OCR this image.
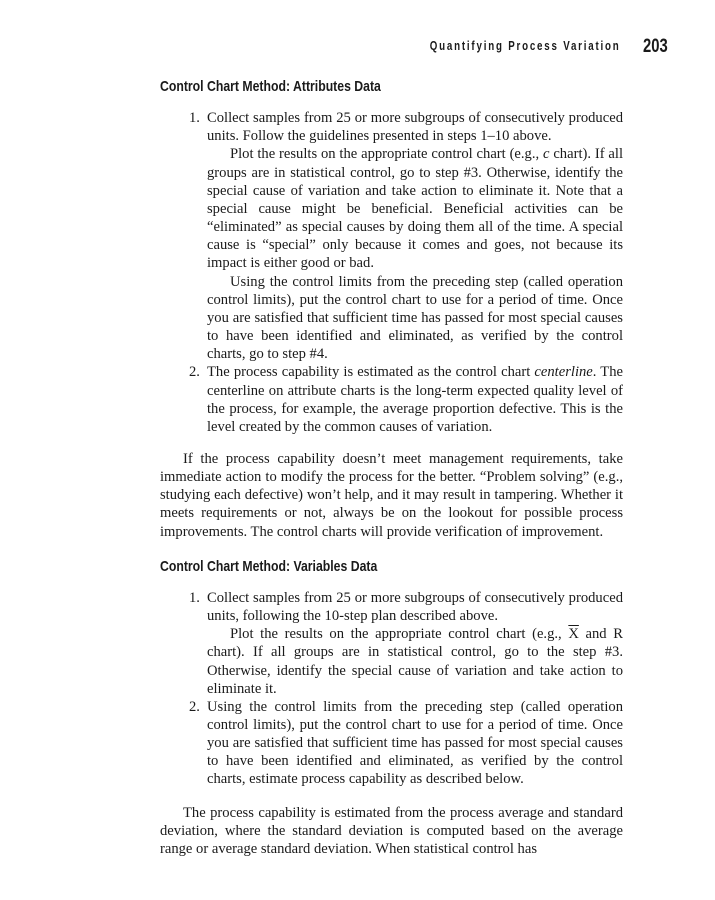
Quantifying Process Variation 203
Control Chart Method: Attributes Data
1. Collect samples from 25 or more subgroups of consecutively produced units. Follow the guidelines presented in steps 1–10 above.

Plot the results on the appropriate control chart (e.g., c chart). If all groups are in statistical control, go to step #3. Otherwise, identify the special cause of variation and take action to eliminate it. Note that a special cause might be beneficial. Beneficial activities can be “eliminated” as special causes by doing them all of the time. A special cause is “special” only because it comes and goes, not because its impact is either good or bad.

Using the control limits from the preceding step (called operation control limits), put the control chart to use for a period of time. Once you are satisfied that sufficient time has passed for most special causes to have been identified and eliminated, as verified by the control charts, go to step #4.

2. The process capability is estimated as the control chart centerline. The centerline on attribute charts is the long-term expected quality level of the process, for example, the average proportion defective. This is the level created by the common causes of variation.

If the process capability doesn’t meet management requirements, take immediate action to modify the process for the better. “Problem solving” (e.g., studying each defective) won’t help, and it may result in tampering. Whether it meets requirements or not, always be on the lookout for possible process improvements. The control charts will provide verification of improvement.

Control Chart Method: Variables Data
1. Collect samples from 25 or more subgroups of consecutively produced units, following the 10-step plan described above.

Plot the results on the appropriate control chart (e.g., $\overline{X}$ and R chart). If all groups are in statistical control, go to the step #3. Otherwise, identify the special cause of variation and take action to eliminate it.

2. Using the control limits from the preceding step (called operation control limits), put the control chart to use for a period of time. Once you are satisfied that sufficient time has passed for most special causes to have been identified and eliminated, as verified by the control charts, estimate process capability as described below.

The process capability is estimated from the process average and standard deviation, where the standard deviation is computed based on the average range or average standard deviation. When statistical control has
